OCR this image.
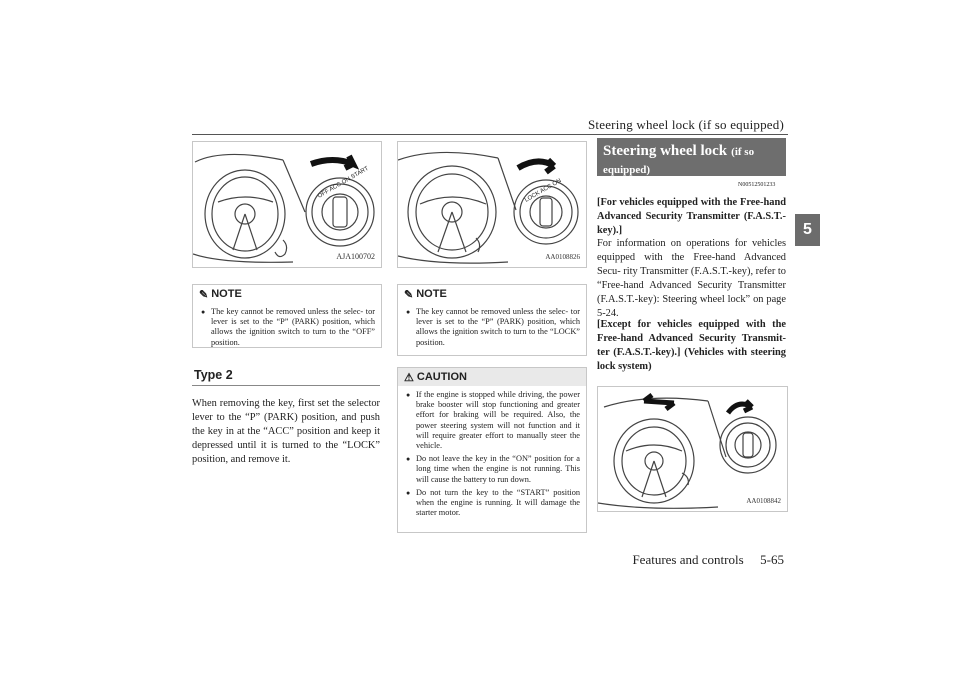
Steering wheel lock (if so equipped)
5
OFF ACC ON START
AJA100702
✎ NOTE
● The key cannot be removed unless the selec- tor lever is set to the “P” (PARK) position, which allows the ignition switch to turn to the “OFF” position.
Type 2
When removing the key, first set the selector lever to the “P” (PARK) position, and push the key in at the “ACC” position and keep it depressed until it is turned to the “LOCK” position, and remove it.
LOCK ACC ON
AA0108826
✎ NOTE
● The key cannot be removed unless the selec- tor lever is set to the “P” (PARK) position, which allows the ignition switch to turn to the “LOCK” position.
⚠ CAUTION
● If the engine is stopped while driving, the power brake booster will stop functioning and greater effort for braking will be required. Also, the power steering system will not function and it will require greater effort to manually steer the vehicle.
● Do not leave the key in the “ON” position for a long time when the engine is not running. This will cause the battery to run down.
● Do not turn the key to the “START” position when the engine is running. It will damage the starter motor.
Steering wheel lock (if so
equipped)
N00512501233
[For vehicles equipped with the Free-hand Advanced Security Transmitter (F.A.S.T.- key).]
For information on operations for vehicles equipped with the Free-hand Advanced Secu- rity Transmitter (F.A.S.T.-key), refer to “Free-hand Advanced Security Transmitter (F.A.S.T.-key): Steering wheel lock” on page 5-24.
[Except for vehicles equipped with the Free-hand Advanced Security Transmit- ter (F.A.S.T.-key).] (Vehicles with steering lock system)
AA0108842
Features and controls 5-65
